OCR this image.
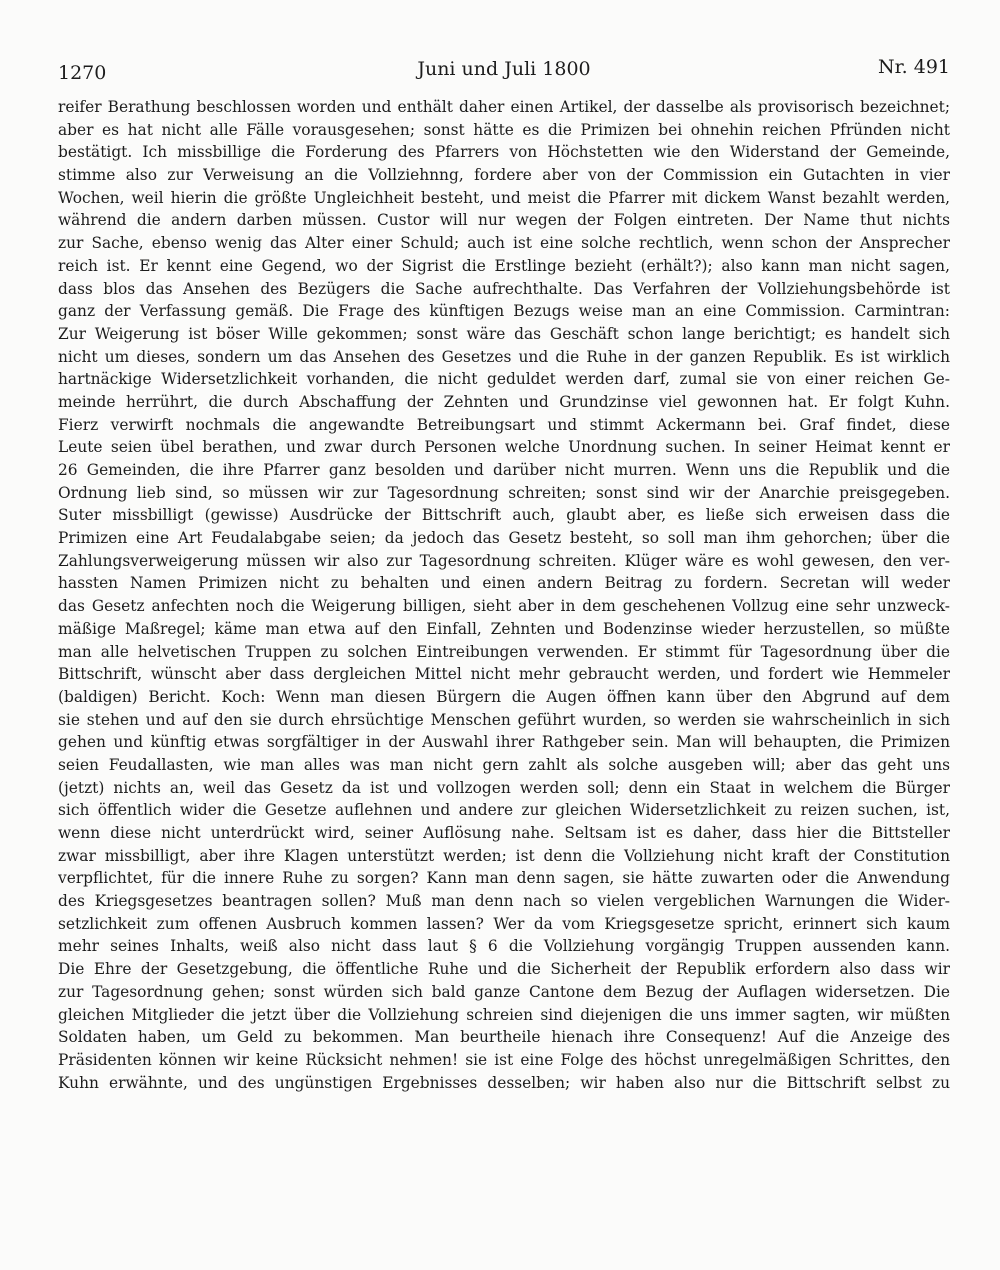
1270	Juni und Juli 1800	Nr. 491
reifer Berathung beschlossen worden und enthält daher einen Artikel, der dasselbe als provisorisch bezeichnet;
aber es hat nicht alle Fälle vorausgesehen; sonst hätte es die Primizen bei ohnehin reichen Pfründen nicht
bestätigt. Ich missbillige die Forderung des Pfarrers von Höchstetten wie den Widerstand der Gemeinde,
stimme also zur Verweisung an die Vollziehnng, fordere aber von der Commission ein Gutachten in vier
Wochen, weil hierin die größte Ungleichheit besteht, und meist die Pfarrer mit dickem Wanst bezahlt werden,
während die andern darben müssen. Custor will nur wegen der Folgen eintreten. Der Name thut nichts
zur Sache, ebenso wenig das Alter einer Schuld; auch ist eine solche rechtlich, wenn schon der Ansprecher
reich ist. Er kennt eine Gegend, wo der Sigrist die Erstlinge bezieht (erhält?); also kann man nicht sagen,
dass blos das Ansehen des Bezügers die Sache aufrechthalte. Das Verfahren der Vollziehungsbehörde ist
ganz der Verfassung gemäß. Die Frage des künftigen Bezugs weise man an eine Commission. Carmintran:
Zur Weigerung ist böser Wille gekommen; sonst wäre das Geschäft schon lange berichtigt; es handelt sich
nicht um dieses, sondern um das Ansehen des Gesetzes und die Ruhe in der ganzen Republik. Es ist wirklich
hartnäckige Widersetzlichkeit vorhanden, die nicht geduldet werden darf, zumal sie von einer reichen Ge-
meinde herrührt, die durch Abschaffung der Zehnten und Grundzinse viel gewonnen hat. Er folgt Kuhn.
Fierz verwirft nochmals die angewandte Betreibungsart und stimmt Ackermann bei. Graf findet, diese
Leute seien übel berathen, und zwar durch Personen welche Unordnung suchen. In seiner Heimat kennt er
26 Gemeinden, die ihre Pfarrer ganz besolden und darüber nicht murren. Wenn uns die Republik und die
Ordnung lieb sind, so müssen wir zur Tagesordnung schreiten; sonst sind wir der Anarchie preisgegeben.
Suter missbilligt (gewisse) Ausdrücke der Bittschrift auch, glaubt aber, es ließe sich erweisen dass die
Primizen eine Art Feudalabgabe seien; da jedoch das Gesetz besteht, so soll man ihm gehorchen; über die
Zahlungsverweigerung müssen wir also zur Tagesordnung schreiten. Klüger wäre es wohl gewesen, den ver-
hassten Namen Primizen nicht zu behalten und einen andern Beitrag zu fordern. Secretan will weder
das Gesetz anfechten noch die Weigerung billigen, sieht aber in dem geschehenen Vollzug eine sehr unzweck-
mäßige Maßregel; käme man etwa auf den Einfall, Zehnten und Bodenzinse wieder herzustellen, so müßte
man alle helvetischen Truppen zu solchen Eintreibungen verwenden. Er stimmt für Tagesordnung über die
Bittschrift, wünscht aber dass dergleichen Mittel nicht mehr gebraucht werden, und fordert wie Hemmeler
(baldigen) Bericht. Koch: Wenn man diesen Bürgern die Augen öffnen kann über den Abgrund auf dem
sie stehen und auf den sie durch ehrsüchtige Menschen geführt wurden, so werden sie wahrscheinlich in sich
gehen und künftig etwas sorgfältiger in der Auswahl ihrer Rathgeber sein. Man will behaupten, die Primizen
seien Feudallasten, wie man alles was man nicht gern zahlt als solche ausgeben will; aber das geht uns
(jetzt) nichts an, weil das Gesetz da ist und vollzogen werden soll; denn ein Staat in welchem die Bürger
sich öffentlich wider die Gesetze auflehnen und andere zur gleichen Widersetzlichkeit zu reizen suchen, ist,
wenn diese nicht unterdrückt wird, seiner Auflösung nahe. Seltsam ist es daher, dass hier die Bittsteller
zwar missbilligt, aber ihre Klagen unterstützt werden; ist denn die Vollziehung nicht kraft der Constitution
verpflichtet, für die innere Ruhe zu sorgen? Kann man denn sagen, sie hätte zuwarten oder die Anwendung
des Kriegsgesetzes beantragen sollen? Muß man denn nach so vielen vergeblichen Warnungen die Wider-
setzlichkeit zum offenen Ausbruch kommen lassen? Wer da vom Kriegsgesetze spricht, erinnert sich kaum
mehr seines Inhalts, weiß also nicht dass laut § 6 die Vollziehung vorgängig Truppen aussenden kann.
Die Ehre der Gesetzgebung, die öffentliche Ruhe und die Sicherheit der Republik erfordern also dass wir
zur Tagesordnung gehen; sonst würden sich bald ganze Cantone dem Bezug der Auflagen widersetzen. Die
gleichen Mitglieder die jetzt über die Vollziehung schreien sind diejenigen die uns immer sagten, wir müßten
Soldaten haben, um Geld zu bekommen. Man beurtheile hienach ihre Consequenz! Auf die Anzeige des
Präsidenten können wir keine Rücksicht nehmen! sie ist eine Folge des höchst unregelmäßigen Schrittes, den
Kuhn erwähnte, und des ungünstigen Ergebnisses desselben; wir haben also nur die Bittschrift selbst zu
